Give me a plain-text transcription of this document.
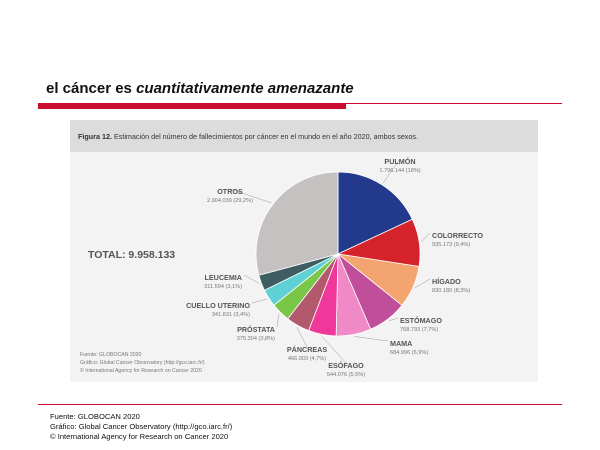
el cáncer es cuantitativamente amenazante
Figura 12. Estimación del número de fallecimientos por cáncer en el mundo en el año 2020, ambos sexos.
PULMÓN
1.796.144 (18%)
COLORRECTO
935.173 (9,4%)
HÍGADO
830.180 (8,3%)
ESTÓMAGO
768.793 (7,7%)
MAMA
684.996 (6,9%)
ESÓFAGO
544.076 (5,5%)
PÁNCREAS
466.003 (4,7%)
PRÓSTATA
375.304 (3,8%)
CUELLO UTERINO
341.831 (3,4%)
LEUCEMIA
311.594 (3,1%)
OTROS
2.904.039 (29,2%)
TOTAL: 9.958.133
Fuente: GLOBOCAN 2020
Gráfico: Global Cancer Observatory (http://gco.iarc.fr/)
© International Agency for Research on Cancer 2020
Fuente: GLOBOCAN 2020
Gráfico: Global Cancer Observatory (http://gco.iarc.fr/)
© International Agency for Research on Cancer 2020
